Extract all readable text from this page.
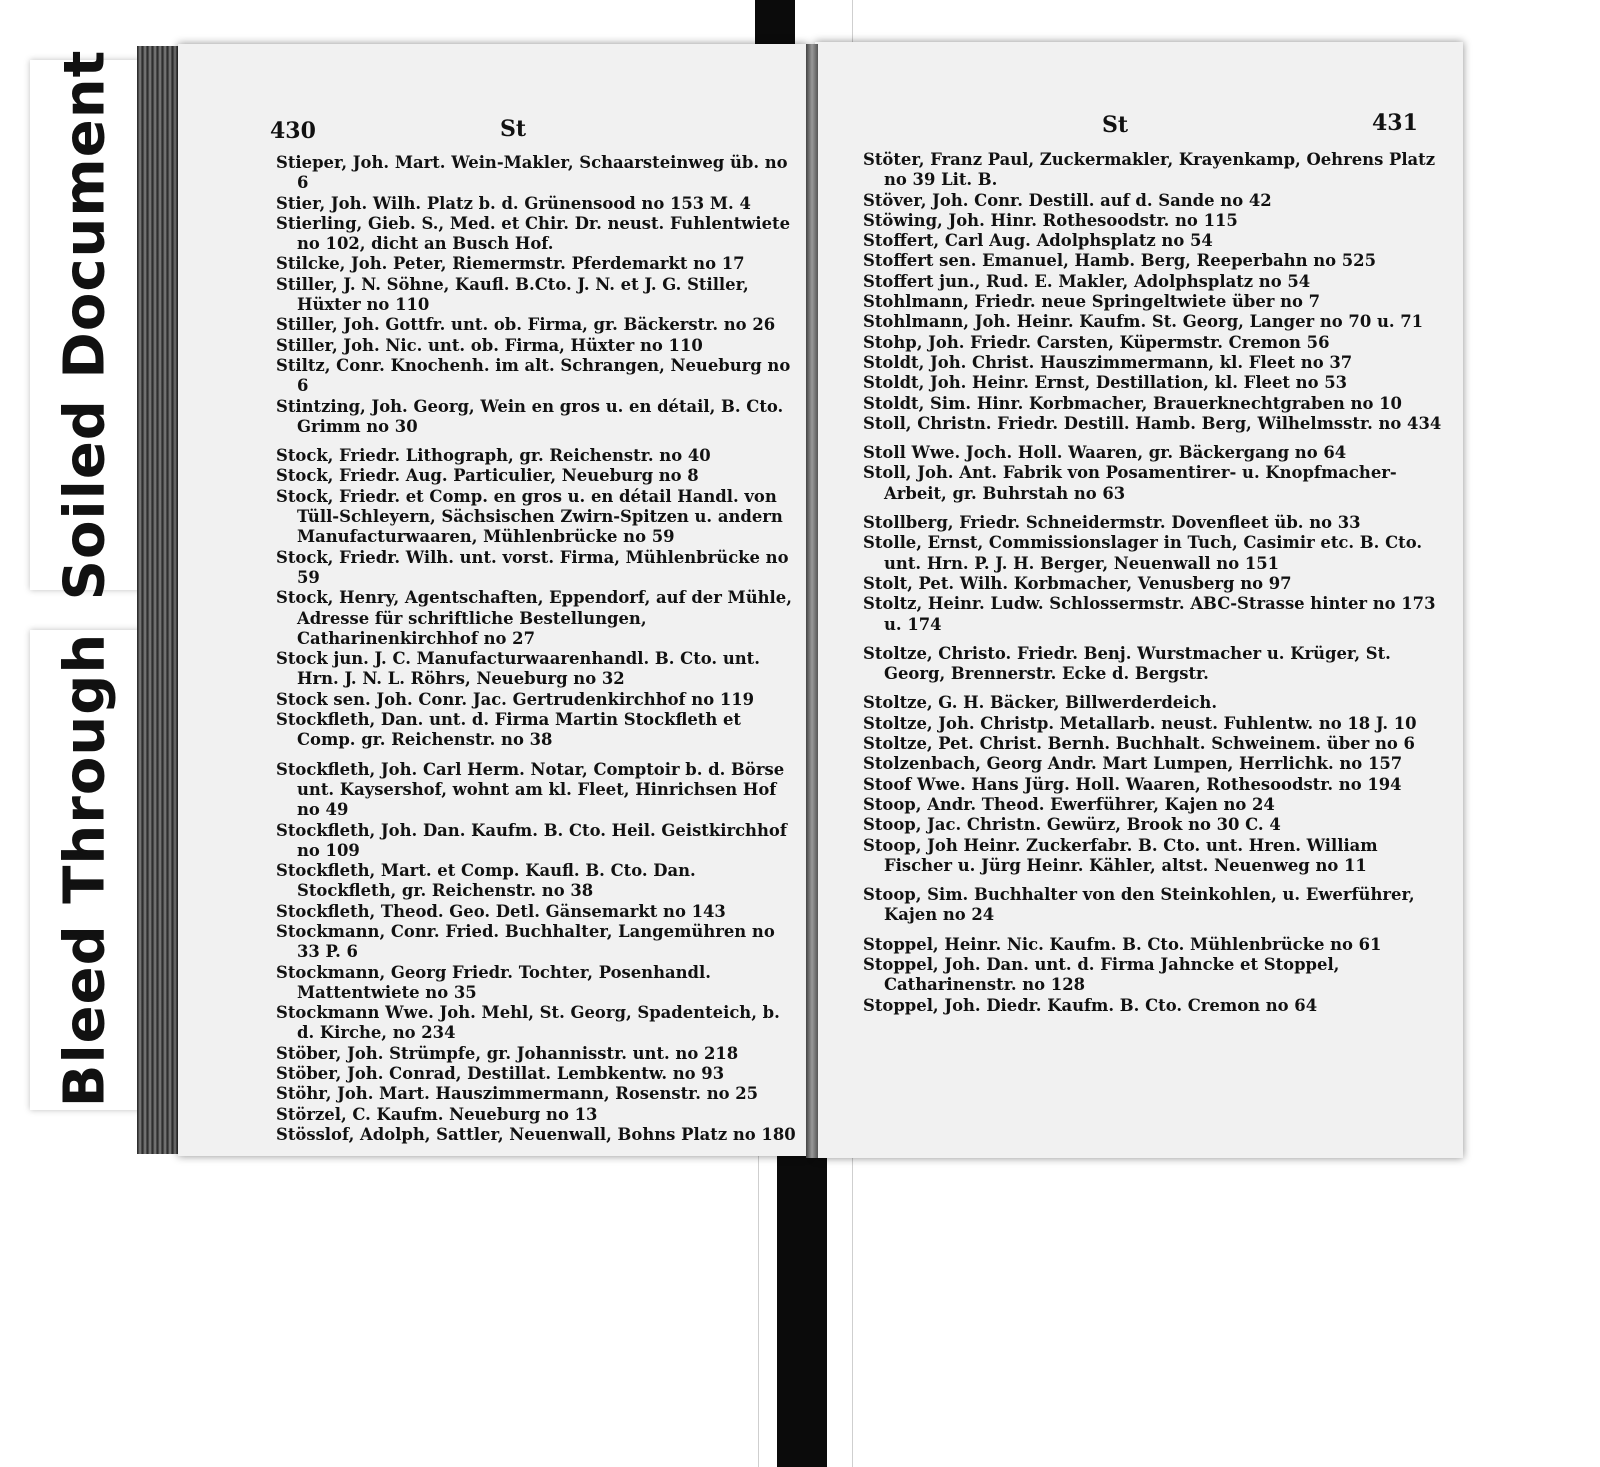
Soiled Document
Bleed Through
430	St	St	431
Stieper, Joh. Mart. Wein-Makler, Schaarsteinweg üb. no 6
Stier, Joh. Wilh. Platz b. d. Grünensood no 153 M. 4
Stierling, Gieb. S., Med. et Chir. Dr. neust. Fuhlentwiete no 102, dicht an Busch Hof.
Stilcke, Joh. Peter, Riemermstr. Pferdemarkt no 17
Stiller, J. N. Söhne, Kaufl. B.Cto. J. N. et J. G. Stiller, Hüxter no 110
Stiller, Joh. Gottfr. unt. ob. Firma, gr. Bäckerstr. no 26
Stiller, Joh. Nic. unt. ob. Firma, Hüxter no 110
Stiltz, Conr. Knochenh. im alt. Schrangen, Neueburg no 6
Stintzing, Joh. Georg, Wein en gros u. en détail, B. Cto. Grimm no 30
Stock, Friedr. Lithograph, gr. Reichenstr. no 40
Stock, Friedr. Aug. Particulier, Neueburg no 8
Stock, Friedr. et Comp. en gros u. en détail Handl. von Tüll-Schleyern, Sächsischen Zwirn-Spitzen u. andern Manufacturwaaren, Mühlenbrücke no 59
Stock, Friedr. Wilh. unt. vorst. Firma, Mühlenbrücke no 59
Stock, Henry, Agentschaften, Eppendorf, auf der Mühle, Adresse für schriftliche Bestellungen, Catharinenkirchhof no 27
Stock jun. J. C. Manufacturwaarenhandl. B. Cto. unt. Hrn. J. N. L. Röhrs, Neueburg no 32
Stock sen. Joh. Conr. Jac. Gertrudenkirchhof no 119
Stockfleth, Dan. unt. d. Firma Martin Stockfleth et Comp. gr. Reichenstr. no 38
Stockfleth, Joh. Carl Herm. Notar, Comptoir b. d. Börse unt. Kaysershof, wohnt am kl. Fleet, Hinrichsen Hof no 49
Stockfleth, Joh. Dan. Kaufm. B. Cto. Heil. Geistkirchhof no 109
Stockfleth, Mart. et Comp. Kaufl. B. Cto. Dan. Stockfleth, gr. Reichenstr. no 38
Stockfleth, Theod. Geo. Detl. Gänsemarkt no 143
Stockmann, Conr. Fried. Buchhalter, Langemühren no 33 P. 6
Stockmann, Georg Friedr. Tochter, Posenhandl. Mattentwiete no 35
Stockmann Wwe. Joh. Mehl, St. Georg, Spadenteich, b. d. Kirche, no 234
Stöber, Joh. Strümpfe, gr. Johannisstr. unt. no 218
Stöber, Joh. Conrad, Destillat. Lembkentw. no 93
Stöhr, Joh. Mart. Hauszimmermann, Rosenstr. no 25
Störzel, C. Kaufm. Neueburg no 13
Stösslof, Adolph, Sattler, Neuenwall, Bohns Platz no 180
Stöter, Franz Paul, Zuckermakler, Krayenkamp, Oehrens Platz no 39 Lit. B.
Stöver, Joh. Conr. Destill. auf d. Sande no 42
Stöwing, Joh. Hinr. Rothesoodstr. no 115
Stoffert, Carl Aug. Adolphsplatz no 54
Stoffert sen. Emanuel, Hamb. Berg, Reeperbahn no 525
Stoffert jun., Rud. E. Makler, Adolphsplatz no 54
Stohlmann, Friedr. neue Springeltwiete über no 7
Stohlmann, Joh. Heinr. Kaufm. St. Georg, Langer no 70 u. 71
Stohp, Joh. Friedr. Carsten, Küpermstr. Cremon 56
Stoldt, Joh. Christ. Hauszimmermann, kl. Fleet no 37
Stoldt, Joh. Heinr. Ernst, Destillation, kl. Fleet no 53
Stoldt, Sim. Hinr. Korbmacher, Brauerknechtgraben no 10
Stoll, Christn. Friedr. Destill. Hamb. Berg, Wilhelmsstr. no 434
Stoll Wwe. Joch. Holl. Waaren, gr. Bäckergang no 64
Stoll, Joh. Ant. Fabrik von Posamentirer- u. Knopfmacher-Arbeit, gr. Buhrstah no 63
Stollberg, Friedr. Schneidermstr. Dovenfleet üb. no 33
Stolle, Ernst, Commissionslager in Tuch, Casimir etc. B. Cto. unt. Hrn. P. J. H. Berger, Neuenwall no 151
Stolt, Pet. Wilh. Korbmacher, Venusberg no 97
Stoltz, Heinr. Ludw. Schlossermstr. ABC-Strasse hinter no 173 u. 174
Stoltze, Christo. Friedr. Benj. Wurstmacher u. Krüger, St. Georg, Brennerstr. Ecke d. Bergstr.
Stoltze, G. H. Bäcker, Billwerderdeich.
Stoltze, Joh. Christp. Metallarb. neust. Fuhlentw. no 18 J. 10
Stoltze, Pet. Christ. Bernh. Buchhalt. Schweinem. über no 6
Stolzenbach, Georg Andr. Mart Lumpen, Herrlichk. no 157
Stoof Wwe. Hans Jürg. Holl. Waaren, Rothesoodstr. no 194
Stoop, Andr. Theod. Ewerführer, Kajen no 24
Stoop, Jac. Christn. Gewürz, Brook no 30 C. 4
Stoop, Joh Heinr. Zuckerfabr. B. Cto. unt. Hren. William Fischer u. Jürg Heinr. Kähler, altst. Neuenweg no 11
Stoop, Sim. Buchhalter von den Steinkohlen, u. Ewerführer, Kajen no 24
Stoppel, Heinr. Nic. Kaufm. B. Cto. Mühlenbrücke no 61
Stoppel, Joh. Dan. unt. d. Firma Jahncke et Stoppel, Catharinenstr. no 128
Stoppel, Joh. Diedr. Kaufm. B. Cto. Cremon no 64
